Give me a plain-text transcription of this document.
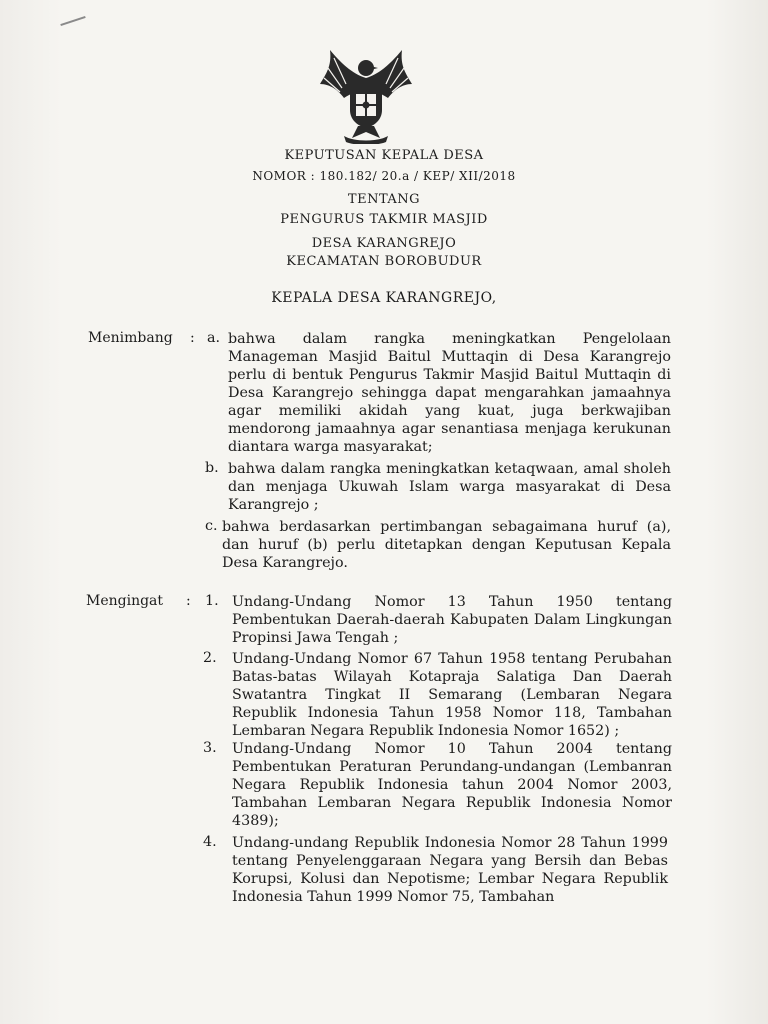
KEPUTUSAN KEPALA DESA
NOMOR : 180.182/ 20.a / KEP/ XII/2018
TENTANG
PENGURUS TAKMIR MASJID
DESA KARANGREJO
KECAMATAN BOROBUDUR
KEPALA DESA KARANGREJO,
Menimbang : a. bahwa dalam rangka meningkatkan Pengelolaan Manageman Masjid Baitul Muttaqin di Desa Karangrejo perlu di bentuk Pengurus Takmir Masjid Baitul Muttaqin di Desa Karangrejo sehingga dapat mengarahkan jamaahnya agar memiliki akidah yang kuat, juga berkwajiban mendorong jamaahnya agar senantiasa menjaga kerukunan diantara warga masyarakat;
b. bahwa dalam rangka meningkatkan ketaqwaan, amal sholeh dan menjaga Ukuwah Islam warga masyarakat di Desa Karangrejo ;
c. bahwa berdasarkan pertimbangan sebagaimana huruf (a), dan huruf (b) perlu ditetapkan dengan Keputusan Kepala Desa Karangrejo.
Mengingat : 1. Undang-Undang Nomor 13 Tahun 1950 tentang Pembentukan Daerah-daerah Kabupaten Dalam Lingkungan Propinsi Jawa Tengah ;
2. Undang-Undang Nomor 67 Tahun 1958 tentang Perubahan Batas-batas Wilayah Kotapraja Salatiga Dan Daerah Swatantra Tingkat II Semarang (Lembaran Negara Republik Indonesia Tahun 1958 Nomor 118, Tambahan Lembaran Negara Republik Indonesia Nomor 1652) ;
3. Undang-Undang Nomor 10 Tahun 2004 tentang Pembentukan Peraturan Perundang-undangan (Lembanran Negara Republik Indonesia tahun 2004 Nomor 2003, Tambahan Lembaran Negara Republik Indonesia Nomor 4389);
4. Undang-undang Republik Indonesia Nomor 28 Tahun 1999 tentang Penyelenggaraan Negara yang Bersih dan Bebas Korupsi, Kolusi dan Nepotisme; Lembar Negara Republik Indonesia Tahun 1999 Nomor 75, Tambahan
